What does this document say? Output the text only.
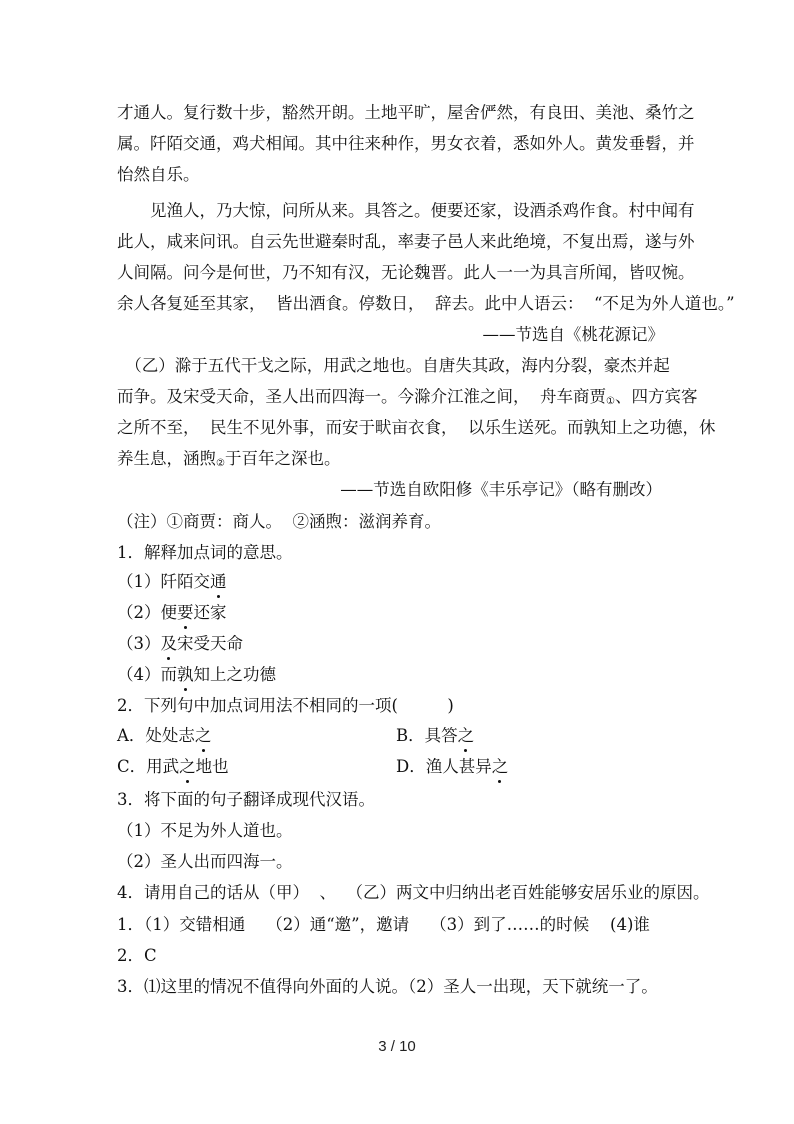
才通人。复行数十步，豁然开朗。土地平旷，屋舍俨然，有良田、美池、桑竹之
属。阡陌交通，鸡犬相闻。其中往来种作，男女衣着，悉如外人。黄发垂髫，并
怡然自乐。
　　见渔人，乃大惊，问所从来。具答之。便要还家，设酒杀鸡作食。村中闻有
此人，咸来问讯。自云先世避秦时乱，率妻子邑人来此绝境，不复出焉，遂与外
人间隔。问今是何世，乃不知有汉，无论魏晋。此人一一为具言所闻，皆叹惋。
余人各复延至其家，  皆出酒食。停数日，  辞去。此中人语云：  “不足为外人道也。”
——节选自《桃花源记》
　（乙）滁于五代干戈之际，用武之地也。自唐失其政，海内分裂，豪杰并起
而争。及宋受天命，圣人出而四海一。今滁介江淮之间，  舟车商贾①、四方宾客
之所不至，  民生不见外事，而安于畎亩衣食，  以乐生送死。而孰知上之功德，休
养生息，涵煦②于百年之深也。
——节选自欧阳修《丰乐亭记》（略有删改）
（注）①商贾：商人。  ②涵煦：滋润养育。
1．解释加点词的意思。
（1）阡陌交通
（2）便要还家
（3）及宋受天命
（4）而孰知上之功德
2．下列句中加点词用法不相同的一项(　　　)
A．处处志之	B．具答之
C．用武之地也	D．渔人甚异之
3．将下面的句子翻译成现代汉语。
（1）不足为外人道也。
（2）圣人出而四海一。
4．请用自己的话从（甲）  、  （乙）两文中归纳出老百姓能够安居乐业的原因。
1．（1）交错相通    （2）通“邀”，邀请    （3）到了……的时候    (4)谁
2．C
3．⑴这里的情况不值得向外面的人说。（2）圣人一出现，天下就统一了。
3 / 10
